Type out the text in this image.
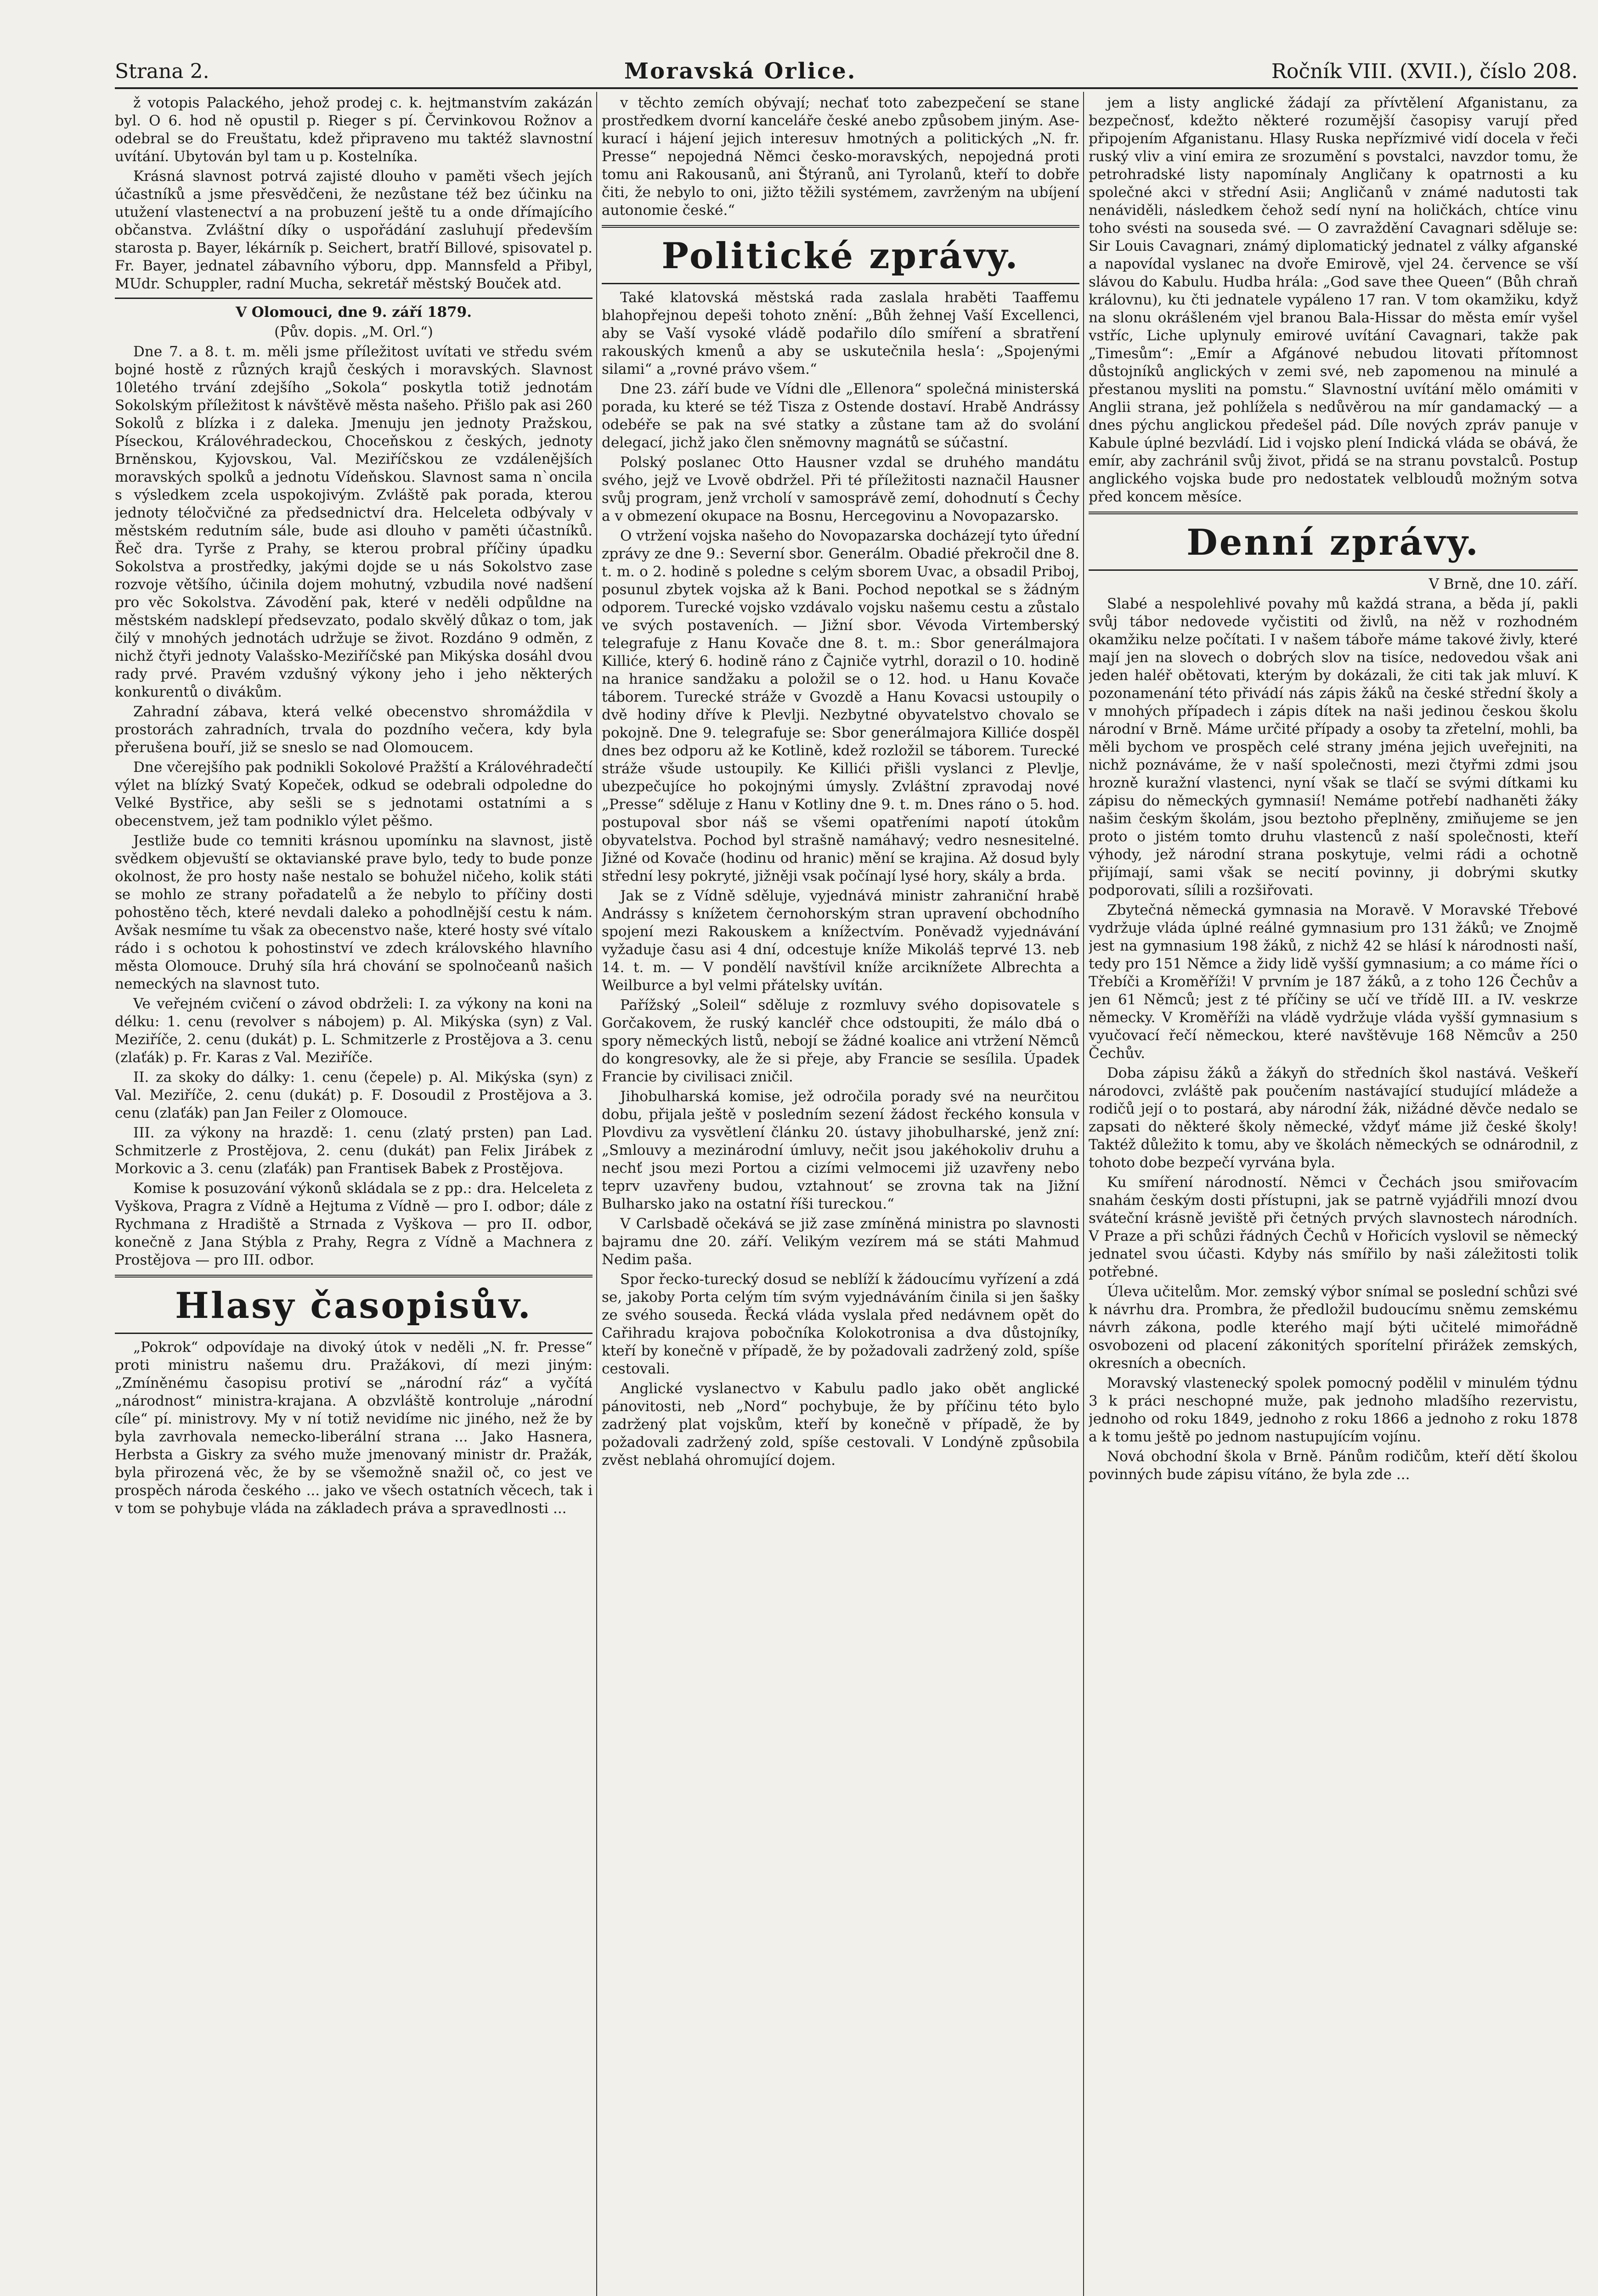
Strana 2.	Moravská Orlice.	Ročník VIII. (XVII.), číslo 208.

ž votopis Palackého, jehož prodej c. k. hejtmanstvím zakázán byl. O 6. hod ně opustil p. Rieger s pí. Červinkovou Rožnov a odebral se do Freuštatu, kdež připraveno mu taktéž slavnostní uvítání. Ubytován byl tam u p. Kostelníka.

Krásná slavnost potrvá zajisté dlouho v paměti všech jejích účastníků a jsme přesvědčeni, že nezůstane též bez účinku na utužení vlastenectví a na probuzení ještě tu a onde dřímajícího občanstva. Zvláštní díky o uspořádání zasluhují především starosta p. Bayer, lékárník p. Seichert, bratří Billové, spisovatel p. Fr. Bayer, jednatel zábavního výboru, dpp. Mannsfeld a Přibyl, MUdr. Schuppler, radní Mucha, sekretář městský Bouček atd.

V Olomouci, dne 9. září 1879.

(Pův. dopis. „M. Orl.“)

Dne 7. a 8. t. m. měli jsme příležitost uvítati ve středu svém bojné hostě z různých krajů českých i moravských. Slavnost 10letého trvání zdejšího „Sokola“ poskytla totiž jednotám Sokolským příležitost k návštěvě města našeho. Přišlo pak asi 260 Sokolů z blízka i z daleka. Jmenuju jen jednoty Pražskou, Píseckou, Královéhradeckou, Choceňskou z českých, jednoty Brněnskou, Kyjovskou, Val. Meziříčskou ze vzdálenějších moravských spolků a jednotu Vídeňskou. Slavnost sama n`oncila s výsledkem zcela uspokojivým. Zvláště pak porada, kterou jednoty téločvičné za předsednictví dra. Helceleta odbývaly v městském redutním sále, bude asi dlouho v paměti účastníků. Řeč dra. Tyrše z Prahy, se kterou probral příčiny úpadku Sokolstva a prostředky, jakými dojde se u nás Sokolstvo zase rozvoje většího, účinila dojem mohutný, vzbudila nové nadšení pro věc Sokolstva. Závodění pak, které v neděli odpůldne na městském nadsklepí předsevzato, podalo skvělý důkaz o tom, jak čilý v mnohých jednotách udržuje se život. Rozdáno 9 odměn, z nichž čtyři jednoty Valašsko-Meziříčské pan Mikýska dosáhl dvou rady prvé. Pravém vzdušný výkony jeho i jeho některých konkurentů o divákům.

Zahradní zábava, která velké obecenstvo shromáždila v prostorách zahradních, trvala do pozdního večera, kdy byla přerušena bouří, již se sneslo se nad Olomoucem.

Dne včerejšího pak podnikli Sokolové Pražští a Královéhradečtí výlet na blízký Svatý Kopeček, odkud se odebrali odpoledne do Velké Bystřice, aby sešli se s jednotami ostatními a s obecenstvem, jež tam podniklo výlet pěšmo.

Jestliže bude co temniti krásnou upomínku na slavnost, jistě svědkem objevuští se oktavianské prave bylo, tedy to bude ponze okolnost, že pro hosty naše nestalo se bohužel ničeho, kolik státi se mohlo ze strany pořadatelů a že nebylo to příčiny dosti pohostěno těch, které nevdali daleko a pohodlnější cestu k nám. Avšak nesmíme tu však za obecenstvo naše, které hosty své vítalo rádo i s ochotou k pohostinství ve zdech královského hlavního města Olomouce. Druhý síla hrá chování se spolnočeanů našich nemeckých na slavnost tuto.

Ve veřejném cvičení o závod obdrželi: I. za výkony na koni na délku: 1. cenu (revolver s nábojem) p. Al. Mikýska (syn) z Val. Meziříče, 2. cenu (dukát) p. L. Schmitzerle z Prostějova a 3. cenu (zlaťák) p. Fr. Karas z Val. Meziříče.

II. za skoky do dálky: 1. cenu (čepele) p. Al. Mikýska (syn) z Val. Meziříče, 2. cenu (dukát) p. F. Dosoudil z Prostějova a 3. cenu (zlaťák) pan Jan Feiler z Olomouce.

III. za výkony na hrazdě: 1. cenu (zlatý prsten) pan Lad. Schmitzerle z Prostějova, 2. cenu (dukát) pan Felix Jirábek z Morkovic a 3. cenu (zlaťák) pan Frantisek Babek z Prostějova.

Komise k posuzování výkonů skládala se z pp.: dra. Helceleta z Vyškova, Pragra z Vídně a Hejtuma z Vídně — pro I. odbor; dále z Rychmana z Hradiště a Strnada z Vyškova — pro II. odbor, konečně z Jana Stýbla z Prahy, Regra z Vídně a Machnera z Prostějova — pro III. odbor.

Hlasy časopisův.

„Pokrok“ odpovídaje na divoký útok v neděli „N. fr. Presse“ proti ministru našemu dru. Pražákovi, dí mezi jiným: „Zmíněnému časopisu protiví se „národní ráz“ a vyčítá „národnost“ ministra-krajana. A obzvláště kontroluje „národní cíle“ pí. ministrovy. My v ní totiž nevidíme nic jiného, než že by byla zavrhovala nemecko-liberální strana ... Jako Hasnera, Herbsta a Giskry za svého muže jmenovaný ministr dr. Pražák, byla přirozená věc, že by se všemožně snažil oč, co jest ve prospěch národa českého ... jako ve všech ostatních věcech, tak i v tom se pohybuje vláda na základech práva a spravedlnosti ...

v těchto zemích obývají; nechať toto zabezpečení se stane prostředkem dvorní kanceláře české anebo způsobem jiným. Ase-kurací i hájení jejich interesuv hmotných a politických „N. fr. Presse“ nepojedná Němci česko-moravských, nepojedná proti tomu ani Rakousanů, ani Štýranů, ani Tyrolanů, kteří to dobře čiti, že nebylo to oni, jižto těžili systémem, zavrženým na ubíjení autonomie české.“

Politické zprávy.

Také klatovská městská rada zaslala hraběti Taaffemu blahopřejnou depeši tohoto znění: „Bůh žehnej Vaší Excellenci, aby se Vaší vysoké vládě podařilo dílo smíření a sbratření rakouských kmenů a aby se uskutečnila heslaʻ: „Spojenými silami“ a „rovné právo všem.“

Dne 23. září bude ve Vídni dle „Ellenora“ společná ministerská porada, ku které se též Tisza z Ostende dostaví. Hrabě Andrássy odebéře se pak na své statky a zůstane tam až do svolání delegací, jichž jako člen sněmovny magnátů se súčastní.

Polský poslanec Otto Hausner vzdal se druhého mandátu svého, jejž ve Lvově obdržel. Při té příležitosti naznačil Hausner svůj program, jenž vrcholí v samosprávě zemí, dohodnutí s Čechy a v obmezení okupace na Bosnu, Hercegovinu a Novopazarsko.

O vtržení vojska našeho do Novopazarska docházejí tyto úřední zprávy ze dne 9.: Severní sbor. Generálm. Obadié překročil dne 8. t. m. o 2. hodině s poledne s celým sborem Uvac, a obsadil Priboj, posunul zbytek vojska až k Bani. Pochod nepotkal se s žádným odporem. Turecké vojsko vzdávalo vojsku našemu cestu a zůstalo ve svých postaveních. — Jižní sbor. Vévoda Virtemberský telegrafuje z Hanu Kovače dne 8. t. m.: Sbor generálmajora Killiće, který 6. hodině ráno z Čajniče vytrhl, dorazil o 10. hodině na hranice sandžaku a položil se o 12. hod. u Hanu Kovače táborem. Turecké stráže v Gvozdě a Hanu Kovacsi ustoupily o dvě hodiny dříve k Plevlji. Nezbytné obyvatelstvo chovalo se pokojně. Dne 9. telegrafuje se: Sbor generálmajora Killiće dospěl dnes bez odporu až ke Kotlině, kdež rozložil se táborem. Turecké stráže všude ustoupily. Ke Killići přišli vyslanci z Plevlje, ubezpečujíce ho pokojnými úmysly. Zvláštní zpravodaj nové „Presse“ sděluje z Hanu v Kotliny dne 9. t. m. Dnes ráno o 5. hod. postupoval sbor náš se všemi opatřeními napotí útokům obyvatelstva. Pochod byl strašně namáhavý; vedro nesnesitelné. Jižné od Kovače (hodinu od hranic) mění se krajina. Až dosud byly střední lesy pokryté, jižněji vsak počínají lysé hory, skály a brda.

Jak se z Vídně sděluje, vyjednává ministr zahraniční hrabě Andrássy s knížetem černohorským stran upravení obchodního spojení mezi Rakouskem a knížectvím. Poněvadž vyjednávání vyžaduje času asi 4 dní, odcestuje kníže Mikoláš teprvé 13. neb 14. t. m. — V pondělí navštívil kníže arciknížete Albrechta a Weilburce a byl velmi přátelsky uvítán.

Pařížský „Soleil“ sděluje z rozmluvy svého dopisovatele s Gorčakovem, že ruský kancléř chce odstoupiti, že málo dbá o spory německých listů, nebojí se žádné koalice ani vtržení Němců do kongresovky, ale že si přeje, aby Francie se sesílila. Úpadek Francie by civilisaci zničil.

Jihobulharská komise, jež odročila porady své na neurčitou dobu, přijala ještě v posledním sezení žádost řeckého konsula v Plovdivu za vysvětlení článku 20. ústavy jihobulharské, jenž zní: „Smlouvy a mezinárodní úmluvy, nečit jsou jakéhokoliv druhu a nechť jsou mezi Portou a cizími velmocemi již uzavřeny nebo teprv uzavřeny budou, vztahnoutʻ se zrovna tak na Jižní Bulharsko jako na ostatní říši tureckou.“

V Carlsbadě očekává se již zase zmíněná ministra po slavnosti bajramu dne 20. září. Velikým vezírem má se státi Mahmud Nedim paša.

Spor řecko-turecký dosud se neblíží k žádoucímu vyřízení a zdá se, jakoby Porta celým tím svým vyjednáváním činila si jen šašky ze svého souseda. Řecká vláda vyslala před nedávnem opět do Cařihradu krajova pobočníka Kolokotronisa a dva důstojníky, kteří by konečně v případě, že by požadovali zadržený zold, spíše cestovali.

Anglické vyslanectvo v Kabulu padlo jako obět anglické pánovitosti, neb „Nord“ pochybuje, že by příčinu této bylo zadržený plat vojskům, kteří by konečně v případě, že by požadovali zadržený zold, spíše cestovali. V Londýně způsobila zvěst neblahá ohromující dojem.

jem a listy anglické žádají za přívtělení Afganistanu, za bezpečnosť, kdežto některé rozumější časopisy varují před připojením Afganistanu. Hlasy Ruska nepřízmivé vidí docela v řeči ruský vliv a viní emira ze srozumění s povstalci, navzdor tomu, že petrohradské listy napomínaly Angličany k opatrnosti a ku společné akci v střední Asii; Angličanů v známé nadutosti tak nenáviděli, následkem čehož sedí nyní na holičkách, chtíce vinu toho svésti na souseda své. — O zavraždění Cavagnari sděluje se: Sir Louis Cavagnari, známý diplomatický jednatel z války afganské a napovídal vyslanec na dvoře Emirově, vjel 24. července se vší slávou do Kabulu. Hudba hrála: „God save thee Queen“ (Bůh chraň královnu), ku čti jednatele vypáleno 17 ran. V tom okamžiku, když na slonu okrášleném vjel branou Bala-Hissar do města emír vyšel vstříc, Liche uplynuly emirové uvítání Cavagnari, takže pak „Timesům“: „Emír a Afgánové nebudou litovati přítomnost důstojníků anglických v zemi své, neb zapomenou na minulé a přestanou mysliti na pomstu.“ Slavnostní uvítání mělo omámiti v Anglii strana, jež pohlížela s nedůvěrou na mír gandamacký — a dnes pýchu anglickou předešel pád. Díle nových zpráv panuje v Kabule úplné bezvládí. Lid i vojsko plení Indická vláda se obává, že emír, aby zachránil svůj život, přidá se na stranu povstalců. Postup anglického vojska bude pro nedostatek velbloudů možným sotva před koncem měsíce.

Denní zprávy.

V Brně, dne 10. září.

Slabé a nespolehlivé povahy mů každá strana, a běda jí, pakli svůj tábor nedovede vyčistiti od živlů, na něž v rozhodném okamžiku nelze počítati. I v našem táboře máme takové živly, které mají jen na slovech o dobrých slov na tisíce, nedovedou však ani jeden haléř obětovati, kterým by dokázali, že citi tak jak mluví. K pozonamenání této přivádí nás zápis žáků na české střední školy a v mnohých případech i zápis dítek na naši jedinou českou školu národní v Brně. Máme určité případy a osoby ta zřetelní, mohli, ba měli bychom ve prospěch celé strany jména jejich uveřejniti, na nichž poznáváme, že v naší společnosti, mezi čtyřmi zdmi jsou hrozně kuražní vlastenci, nyní však se tlačí se svými dítkami ku zápisu do německých gymnasií! Nemáme potřebí nadhaněti žáky našim českým školám, jsou beztoho přeplněny, zmiňujeme se jen proto o jistém tomto druhu vlastenců z naší společnosti, kteří výhody, jež národní strana poskytuje, velmi rádi a ochotně přijímají, sami však se necití povinny, ji dobrými skutky podporovati, sílili a rozšiřovati.

Zbytečná německá gymnasia na Moravě. V Moravské Třebové vydržuje vláda úplné reálné gymnasium pro 131 žáků; ve Znojmě jest na gymnasium 198 žáků, z nichž 42 se hlásí k národnosti naší, tedy pro 151 Němce a židy lidě vyšší gymnasium; a co máme říci o Třebíči a Kroměříži! V prvním je 187 žáků, a z toho 126 Čechův a jen 61 Němců; jest z té příčiny se učí ve třídě III. a IV. veskrze německy. V Kroměříži na vládě vydržuje vláda vyšší gymnasium s vyučovací řečí německou, které navštěvuje 168 Němcův a 250 Čechův.

Doba zápisu žáků a žákyň do středních škol nastává. Veškeří národovci, zvláště pak poučením nastávající studující mládeže a rodičů její o to postará, aby národní žák, nižádné děvče nedalo se zapsati do některé školy německé, vždyť máme již české školy! Taktéž důležito k tomu, aby ve školách německých se odnárodnil, z tohoto dobe bezpečí vyrvána byla.

Ku smíření národností. Němci v Čechách jsou smiřovacím snahám českým dosti přístupni, jak se patrně vyjádřili mnozí dvou sváteční krásně jeviště při četných prvých slavnostech národních. V Praze a při schůzi řádných Čechů v Hořicích vyslovil se německý jednatel svou účasti. Kdyby nás smířilo by naši záležitosti tolik potřebné.

Úleva učitelům. Mor. zemský výbor snímal se poslední schůzi své k návrhu dra. Prombra, že předložil budoucímu sněmu zemskému návrh zákona, podle kterého mají býti učitelé mimořádně osvobozeni od placení zákonitých sporítelní přirážek zemských, okresních a obecních.

Moravský vlastenecký spolek pomocný podělil v minulém týdnu 3 k práci neschopné muže, pak jednoho mladšího rezervistu, jednoho od roku 1849, jednoho z roku 1866 a jednoho z roku 1878 a k tomu ještě po jednom nastupujícím vojínu.

Nová obchodní škola v Brně. Pánům rodičům, kteří dětí školou povinných bude zápisu vítáno, že byla zde ...
